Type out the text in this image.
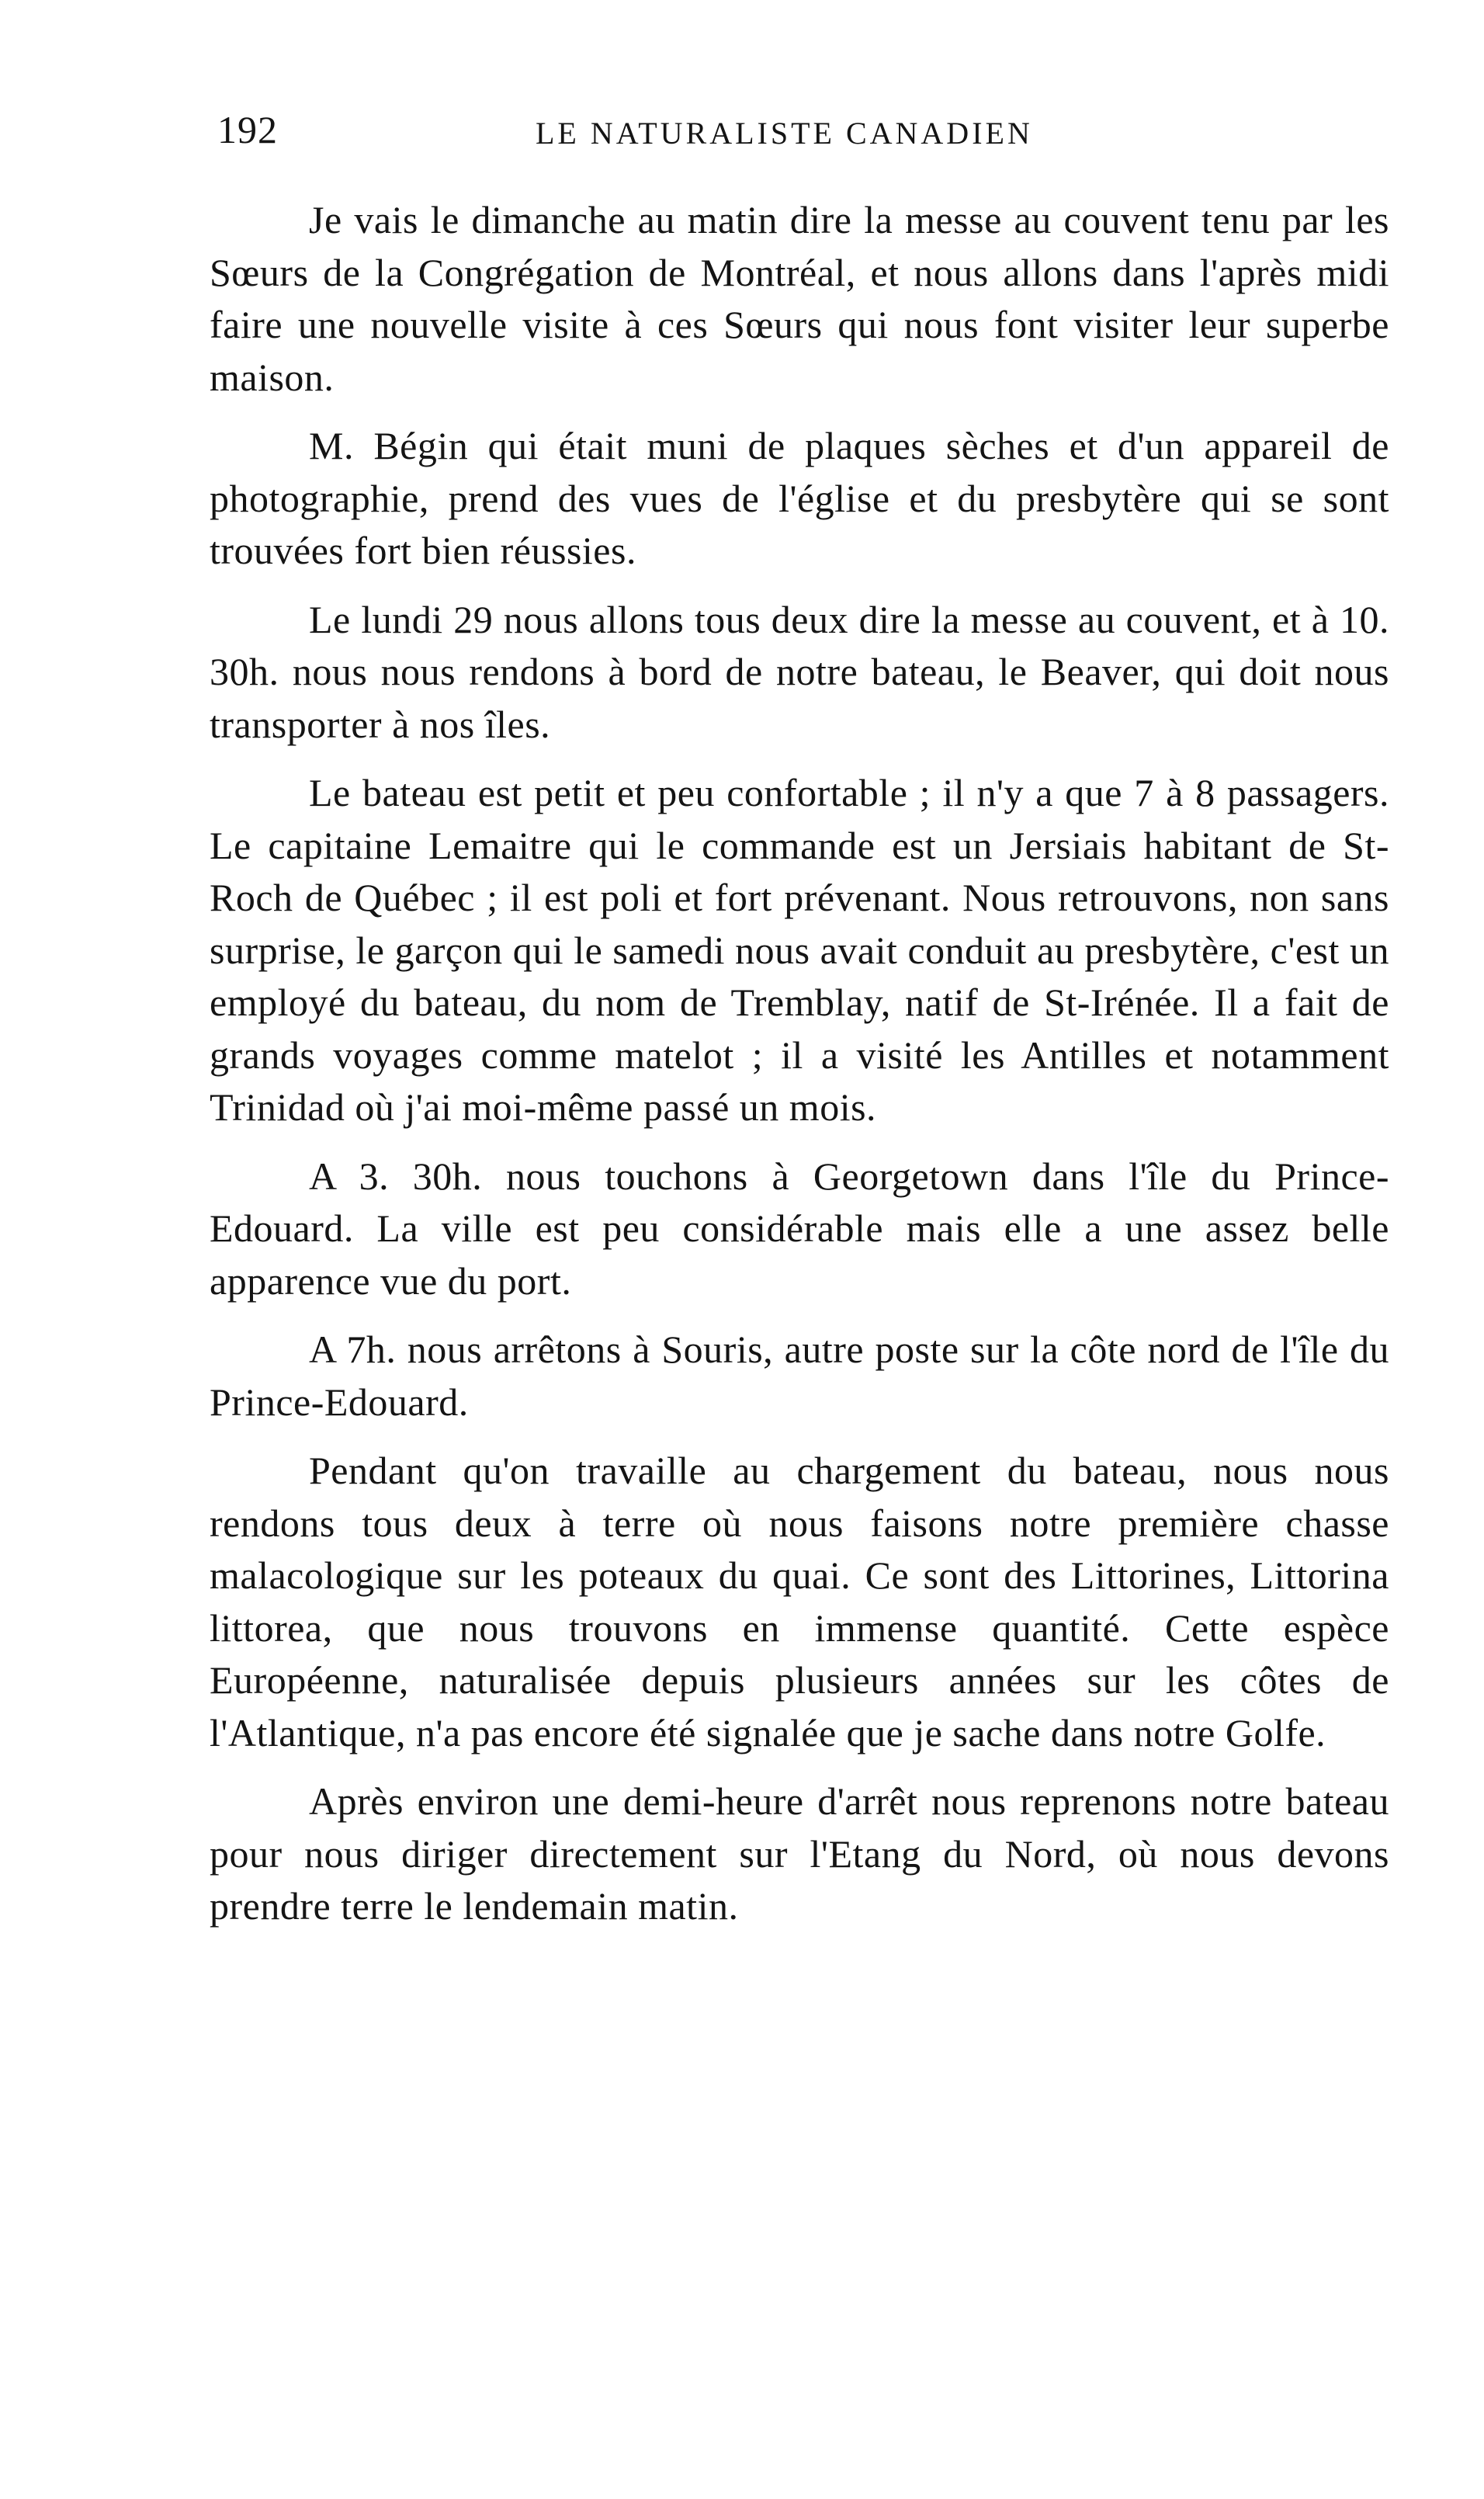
192	LE NATURALISTE CANADIEN

Je vais le dimanche au matin dire la messe au couvent tenu par les Sœurs de la Congrégation de Montréal, et nous allons dans l'après midi faire une nouvelle visite à ces Sœurs qui nous font visiter leur superbe maison.

M. Bégin qui était muni de plaques sèches et d'un appareil de photographie, prend des vues de l'église et du presbytère qui se sont trouvées fort bien réussies.

Le lundi 29 nous allons tous deux dire la messe au couvent, et à 10. 30h. nous nous rendons à bord de notre bateau, le Beaver, qui doit nous transporter à nos îles.

Le bateau est petit et peu confortable ; il n'y a que 7 à 8 passagers. Le capitaine Lemaitre qui le commande est un Jersiais habitant de St-Roch de Québec ; il est poli et fort prévenant. Nous retrouvons, non sans surprise, le garçon qui le samedi nous avait conduit au presbytère, c'est un employé du bateau, du nom de Tremblay, natif de St-Irénée. Il a fait de grands voyages comme matelot ; il a visité les Antilles et notamment Trinidad où j'ai moi-même passé un mois.

A 3. 30h. nous touchons à Georgetown dans l'île du Prince-Edouard. La ville est peu considérable mais elle a une assez belle apparence vue du port.

A 7h. nous arrêtons à Souris, autre poste sur la côte nord de l'île du Prince-Edouard.

Pendant qu'on travaille au chargement du bateau, nous nous rendons tous deux à terre où nous faisons notre première chasse malacologique sur les poteaux du quai. Ce sont des Littorines, Littorina littorea, que nous trouvons en immense quantité. Cette espèce Européenne, naturalisée depuis plusieurs années sur les côtes de l'Atlantique, n'a pas encore été signalée que je sache dans notre Golfe.

Après environ une demi-heure d'arrêt nous reprenons notre bateau pour nous diriger directement sur l'Etang du Nord, où nous devons prendre terre le lendemain matin.
